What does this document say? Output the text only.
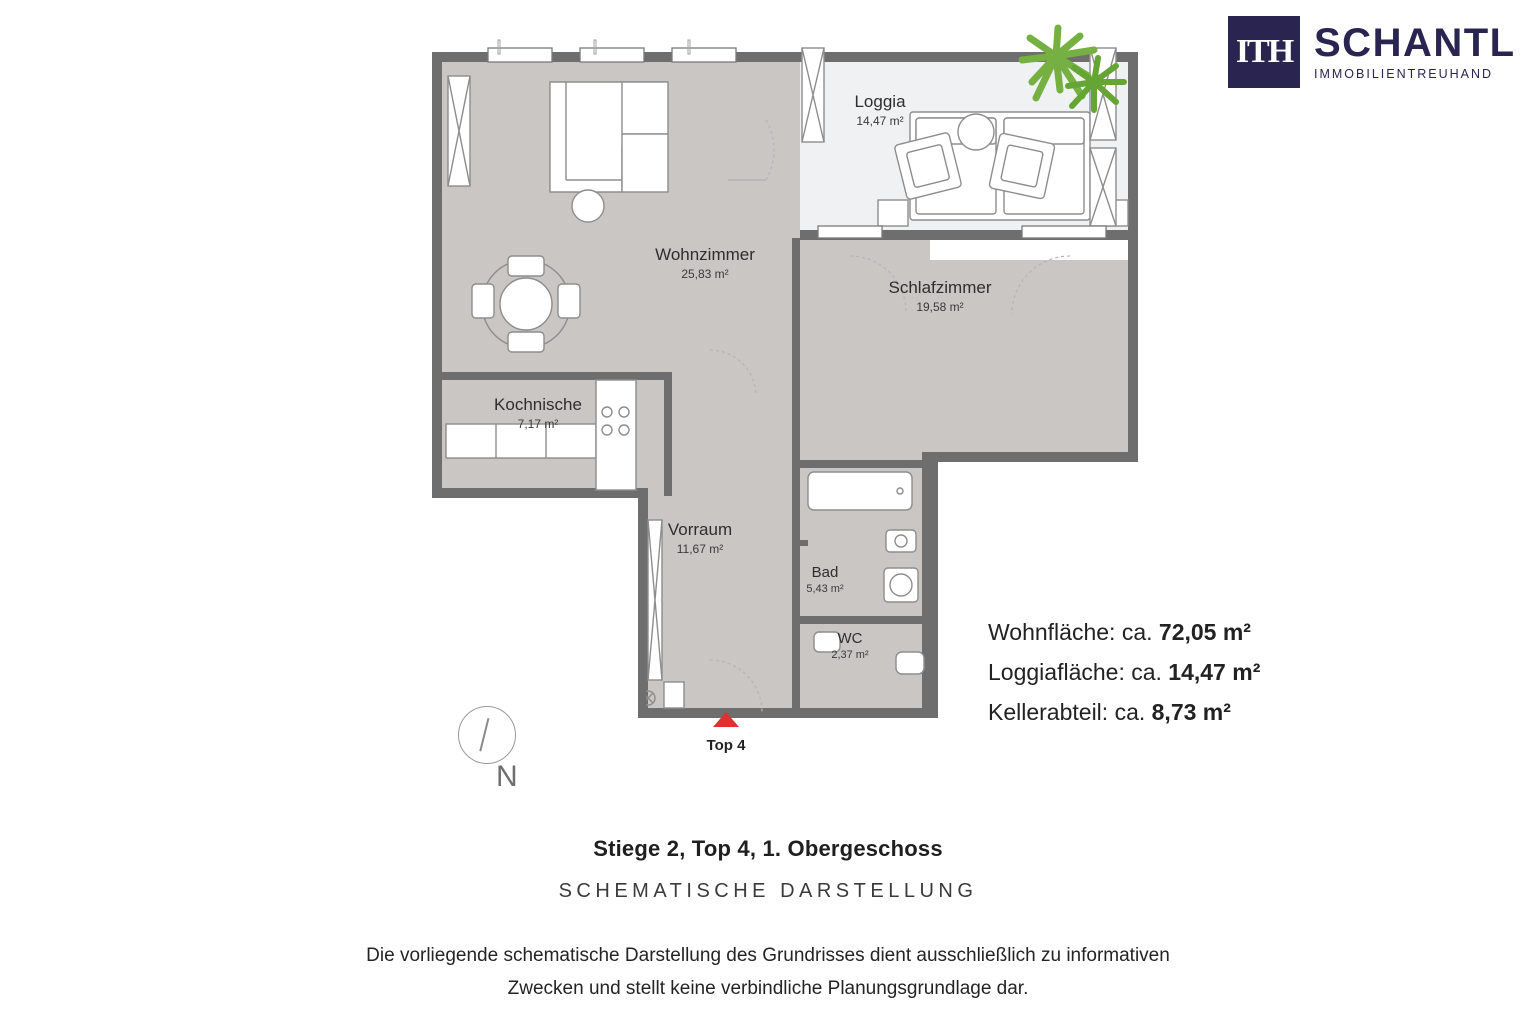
ITH SCHANTL
IMMOBILIENTREUHAND
Loggia
14,47 m²
Wohnzimmer
25,83 m²
Schlafzimmer
19,58 m²
Kochnische
7,17 m²
Vorraum
11,67 m²
Bad
5,43 m²
WC
2,37 m²
Wohnfläche: ca. 72,05 m²
Loggiafläche: ca. 14,47 m²
Kellerabteil: ca. 8,73 m²
N
Top 4
Stiege 2, Top 4, 1. Obergeschoss
SCHEMATISCHE DARSTELLUNG
Die vorliegende schematische Darstellung des Grundrisses dient ausschließlich zu informativen
Zwecken und stellt keine verbindliche Planungsgrundlage dar.
